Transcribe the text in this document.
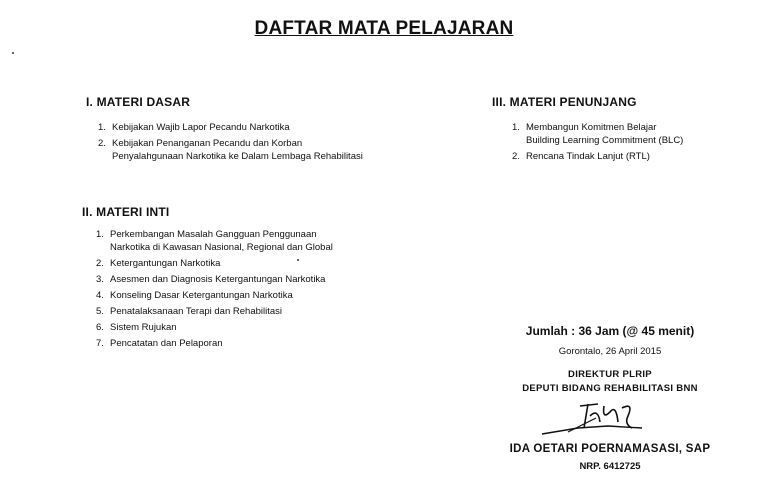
DAFTAR MATA PELAJARAN
I. MATERI DASAR
1. Kebijakan Wajib Lapor Pecandu Narkotika
2. Kebijakan Penanganan Pecandu dan Korban
Penyalahgunaan Narkotika ke Dalam Lembaga Rehabilitasi
II. MATERI INTI
1. Perkembangan Masalah Gangguan Penggunaan
Narkotika di Kawasan Nasional, Regional dan Global
2. Ketergantungan Narkotika
3. Asesmen dan Diagnosis Ketergantungan Narkotika
4. Konseling Dasar Ketergantungan Narkotika
5. Penatalaksanaan Terapi dan Rehabilitasi
6. Sistem Rujukan
7. Pencatatan dan Pelaporan
III. MATERI PENUNJANG
1. Membangun Komitmen Belajar
Building Learning Commitment (BLC)
2. Rencana Tindak Lanjut (RTL)
Jumlah : 36 Jam (@ 45 menit)
Gorontalo, 26 April 2015
DIREKTUR PLRIP
DEPUTI BIDANG REHABILITASI BNN
IDA OETARI POERNAMASASI, SAP
NRP. 6412725
